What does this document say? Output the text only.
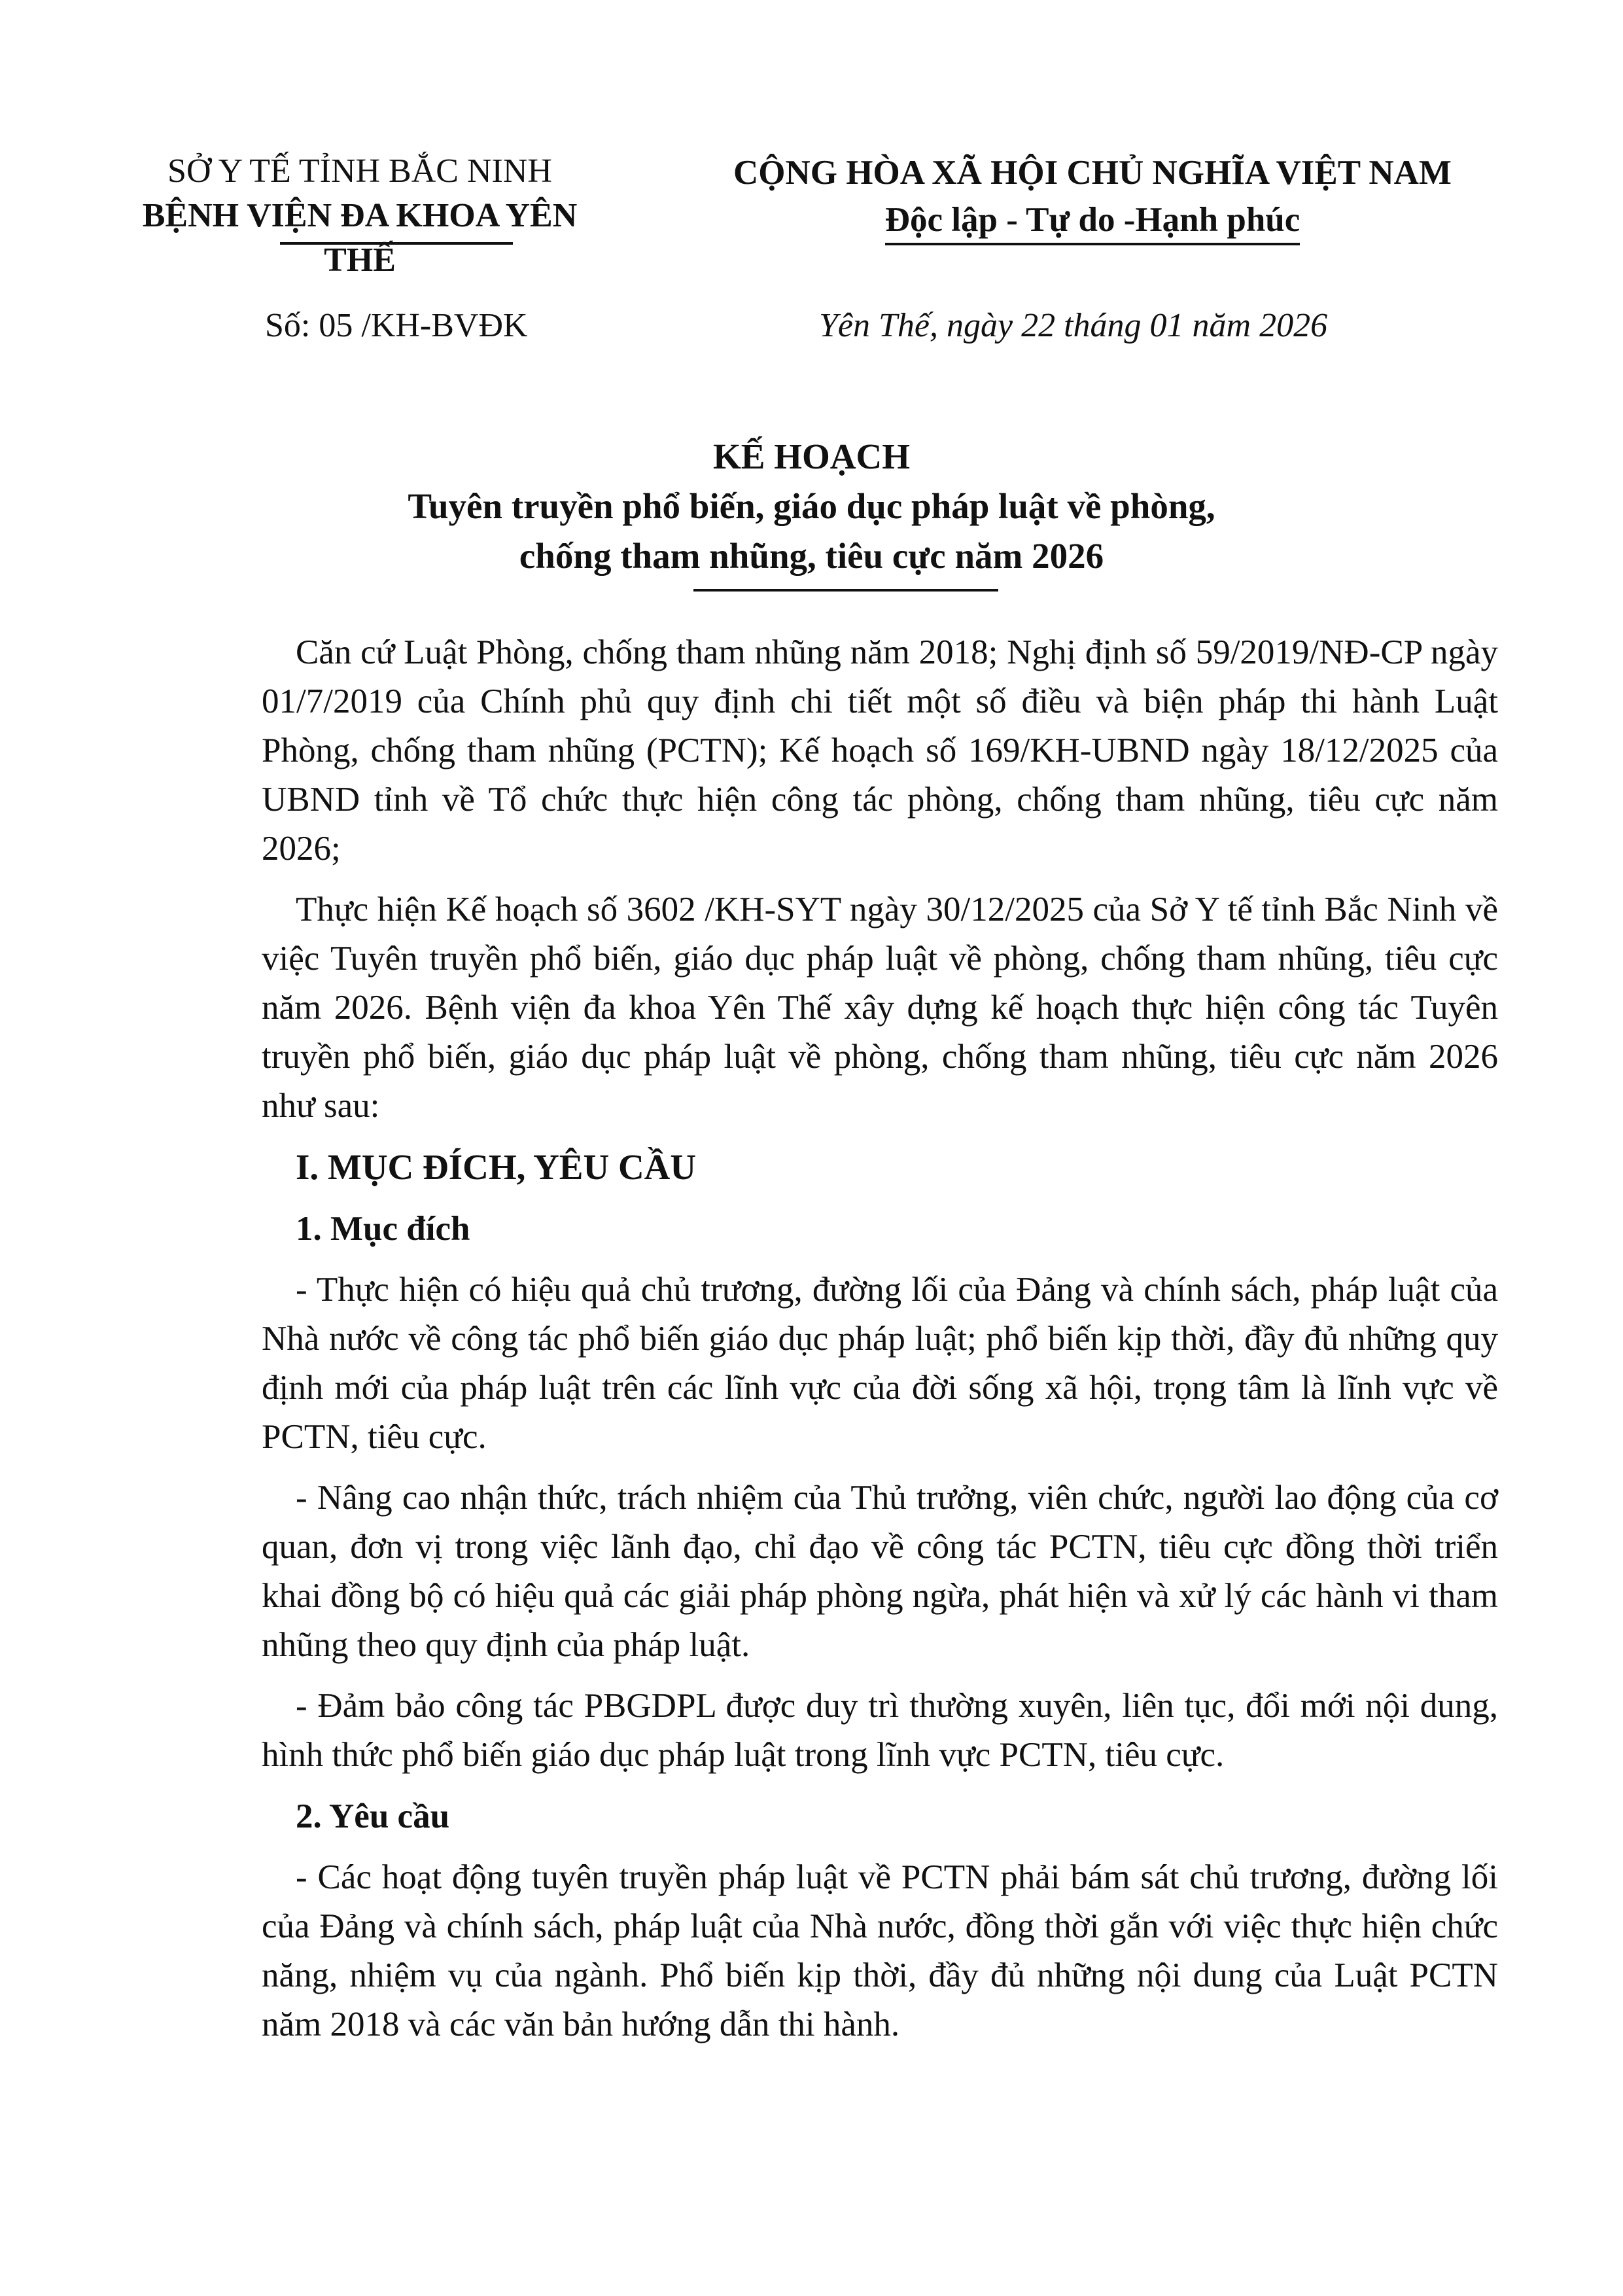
SỞ Y TẾ TỈNH BẮC NINH
BỆNH VIỆN ĐA KHOA YÊN THẾ
CỘNG HÒA XÃ HỘI CHỦ NGHĨA VIỆT NAM
Độc lập - Tự do -Hạnh phúc
Số: 05 /KH-BVĐK	Yên Thế, ngày 22 tháng 01 năm 2026
KẾ HOẠCH
Tuyên truyền phổ biến, giáo dục pháp luật về phòng,
chống tham nhũng, tiêu cực năm 2026

Căn cứ Luật Phòng, chống tham nhũng năm 2018; Nghị định số 59/2019/NĐ-CP ngày 01/7/2019 của Chính phủ quy định chi tiết một số điều và biện pháp thi hành Luật Phòng, chống tham nhũng (PCTN); Kế hoạch số 169/KH-UBND ngày 18/12/2025 của UBND tỉnh về Tổ chức thực hiện công tác phòng, chống tham nhũng, tiêu cực năm 2026;

Thực hiện Kế hoạch số 3602 /KH-SYT ngày 30/12/2025 của Sở Y tế tỉnh Bắc Ninh về việc Tuyên truyền phổ biến, giáo dục pháp luật về phòng, chống tham nhũng, tiêu cực năm 2026. Bệnh viện đa khoa Yên Thế xây dựng kế hoạch thực hiện công tác Tuyên truyền phổ biến, giáo dục pháp luật về phòng, chống tham nhũng, tiêu cực năm 2026 như sau:

I. MỤC ĐÍCH, YÊU CẦU
1. Mục đích

- Thực hiện có hiệu quả chủ trương, đường lối của Đảng và chính sách, pháp luật của Nhà nước về công tác phổ biến giáo dục pháp luật; phổ biến kịp thời, đầy đủ những quy định mới của pháp luật trên các lĩnh vực của đời sống xã hội, trọng tâm là lĩnh vực về PCTN, tiêu cực.

- Nâng cao nhận thức, trách nhiệm của Thủ trưởng, viên chức, người lao động của cơ quan, đơn vị trong việc lãnh đạo, chỉ đạo về công tác PCTN, tiêu cực đồng thời triển khai đồng bộ có hiệu quả các giải pháp phòng ngừa, phát hiện và xử lý các hành vi tham nhũng theo quy định của pháp luật.

- Đảm bảo công tác PBGDPL được duy trì thường xuyên, liên tục, đổi mới nội dung, hình thức phổ biến giáo dục pháp luật trong lĩnh vực PCTN, tiêu cực.

2. Yêu cầu

- Các hoạt động tuyên truyền pháp luật về PCTN phải bám sát chủ trương, đường lối của Đảng và chính sách, pháp luật của Nhà nước, đồng thời gắn với việc thực hiện chức năng, nhiệm vụ của ngành. Phổ biến kịp thời, đầy đủ những nội dung của Luật PCTN năm 2018 và các văn bản hướng dẫn thi hành.
